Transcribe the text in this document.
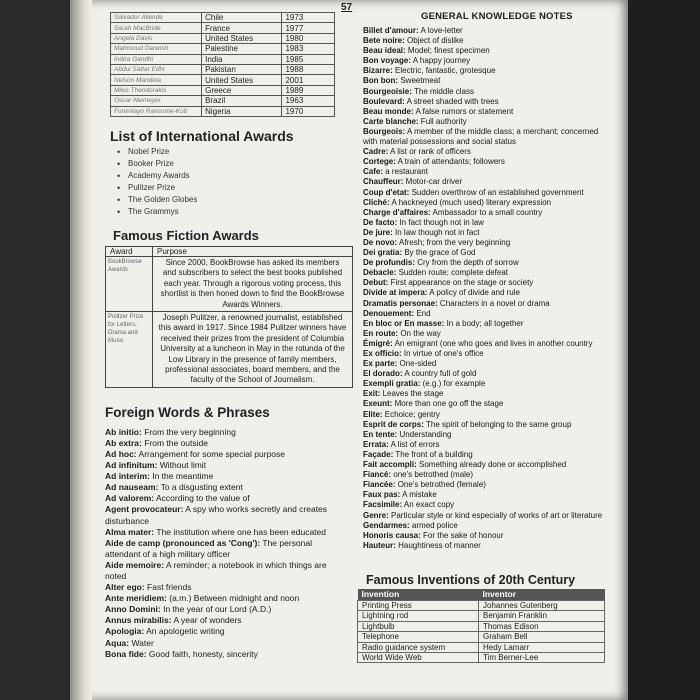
Salvador Allende	Chile	1973
Sarah MacBride	France	1977
Angela Davis	United States	1980
Mahmoud Darwish	Palestine	1983
Indira Gandhi	India	1985
Abdul Sattar Edhi	Pakistan	1988
Nelson Mandela	United States	2001
Mikis Theodorakis	Greece	1989
Oscar Niemeyer	Brazil	1963
Funmilayo Ransome-Kuti	Nigeria	1970
List of International Awards
• Nobel Prize
• Booker Prize
• Academy Awards
• Pulitzer Prize
• The Golden Globes
• The Grammys
Famous Fiction Awards
Award	Purpose
BookBrowse Awards	Since 2000, BookBrowse has asked its members and subscribers to select the best books published each year. Through a rigorous voting process, this shortlist is then honed down to find the BookBrowse Awards Winners.
Pulitzer Prize for Letters, Drama and Music	Joseph Pulitzer, a renowned journalist, established this award in 1917. Since 1984 Pulitzer winners have received their prizes from the president of Columbia University at a luncheon in May in the rotunda of the Low Library in the presence of family members, professional associates, board members, and the faculty of the School of Journalism.
Foreign Words & Phrases
Ab initio: From the very beginning
Ab extra: From the outside
Ad hoc: Arrangement for some special purpose
Ad infinitum: Without limit
Ad interim: In the meantime
Ad nauseam: To a disgusting extent
Ad valorem: According to the value of
Agent provocateur: A spy who works secretly and creates disturbance
Alma mater: The institution where one has been educated
Aide de camp (pronounced as 'Cong'): The personal attendant of a high military officer
Aide memoire: A reminder; a notebook in which things are noted
Alter ego: Fast friends
Ante meridiem: (a.m.) Between midnight and noon
Anno Domini: In the year of our Lord (A.D.)
Annus mirabilis: A year of wonders
Apologia: An apologetic writing
Aqua: Water
Bona fide: Good faith, honesty, sincerity
57
GENERAL KNOWLEDGE NOTES
Billet d'amour: A love-letter
Bete noire: Object of dislike
Beau ideal: Model; finest specimen
Bon voyage: A happy journey
Bizarre: Electric, fantastic, grotesque
Bon bon: Sweetmeat
Bourgeoisie: The middle class
Boulevard: A street shaded with trees
Beau monde: A false rumors or statement
Carte blanche: Full authority
Bourgeois: A member of the middle class; a merchant; concerned with material possessions and social status
Cadre: A list or rank of officers
Cortege: A train of attendants; followers
Cafe: a restaurant
Chauffeur: Motor-car driver
Coup d'etat: Sudden overthrow of an established government
Cliché: A hackneyed (much used) literary expression
Charge d'affaires: Ambassador to a small country
De facto: In fact though not in law
De jure: In law though not in fact
De novo: Afresh; from the very beginning
Dei gratia: By the grace of God
De profundis: Cry from the depth of sorrow
Debacle: Sudden route; complete defeat
Debut: First appearance on the stage or society
Divide at impera: A policy of divide and rule
Dramatis personae: Characters in a novel or drama
Denouement: End
En bloc or En masse: In a body; all together
En route: On the way
Émigré: An emigrant (one who goes and lives in another country
Ex officio: In virtue of one's office
Ex parte: One-sided
El dorado: A country full of gold
Exempli gratia: (e.g.) for example
Exit: Leaves the stage
Exeunt: More than one go off the stage
Elite: Echoice; gentry
Esprit de corps: The spirit of belonging to the same group
En tente: Understanding
Errata: A list of errors
Façade: The front of a building
Fait accompli: Something already done or accomplished
Fiancé: one's betrothed (male)
Fiancée: One's betrothed (female)
Faux pas: A mistake
Facsimile: An exact copy
Genre: Particular style or kind especially of works of art or literature
Gendarmes: armed police
Honoris causa: For the sake of honour
Hauteur: Haughtiness of manner
Famous Inventions of 20th Century
Invention	Inventor
Printing Press	Johannes Gutenberg
Lightning rod	Benjamin Franklin
Lightbulb	Thomas Edison
Telephone	Graham Bell
Radio guidance system	Hedy Lamarr
World Wide Web	Tim Berner-Lee
